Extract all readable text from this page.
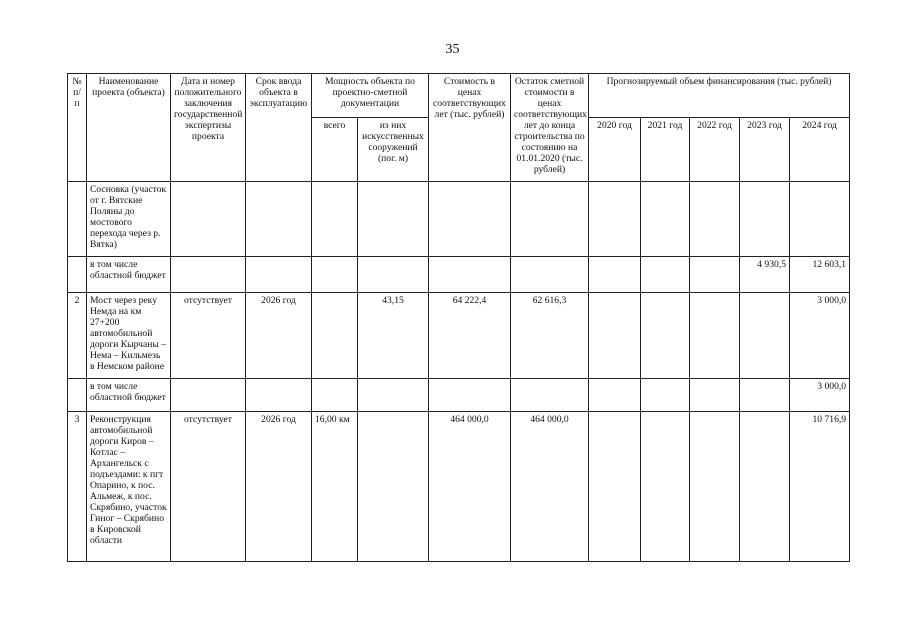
35
№ п/п	Наименование проекта (объекта)	Дата и номер положительного заключения государственной экспертизы проекта	Срок ввода объекта в эксплуатацию	Мощность объекта по проектно-сметной документации		Стоимость в ценах соответствующих лет (тыс. рублей)	Остаток сметной стоимости в ценах соответствующих лет до конца строительства по состоянию на 01.01.2020 (тыс. рублей)	Прогнозируемый объем финансирования (тыс. рублей)				
				всего	из них искусственных сооружений (пог. м)			2020 год	2021 год	2022 год	2023 год	2024 год
	Сосновка (участок от г. Вятские Поляны до мостового перехода через р. Вятка)											
	в том числе областной бюджет										4 930,5	12 603,1
2	Мост через реку Немда на км 27+200 автомобильной дороги Кырчаны – Нема – Кильмезь в Немском районе	отсутствует	2026 год		43,15	64 222,4	62 616,3					3 000,0
	в том числе областной бюджет											3 000,0
3	Реконструкция автомобильной дороги Киров – Котлас – Архангельск с подъездами: к пгт Опарино, к пос. Альмеж, к пос. Скрябино, участок Гиног – Скрябино в Кировской области	отсутствует	2026 год	16,00 км		464 000,0	464 000,0					10 716,9
